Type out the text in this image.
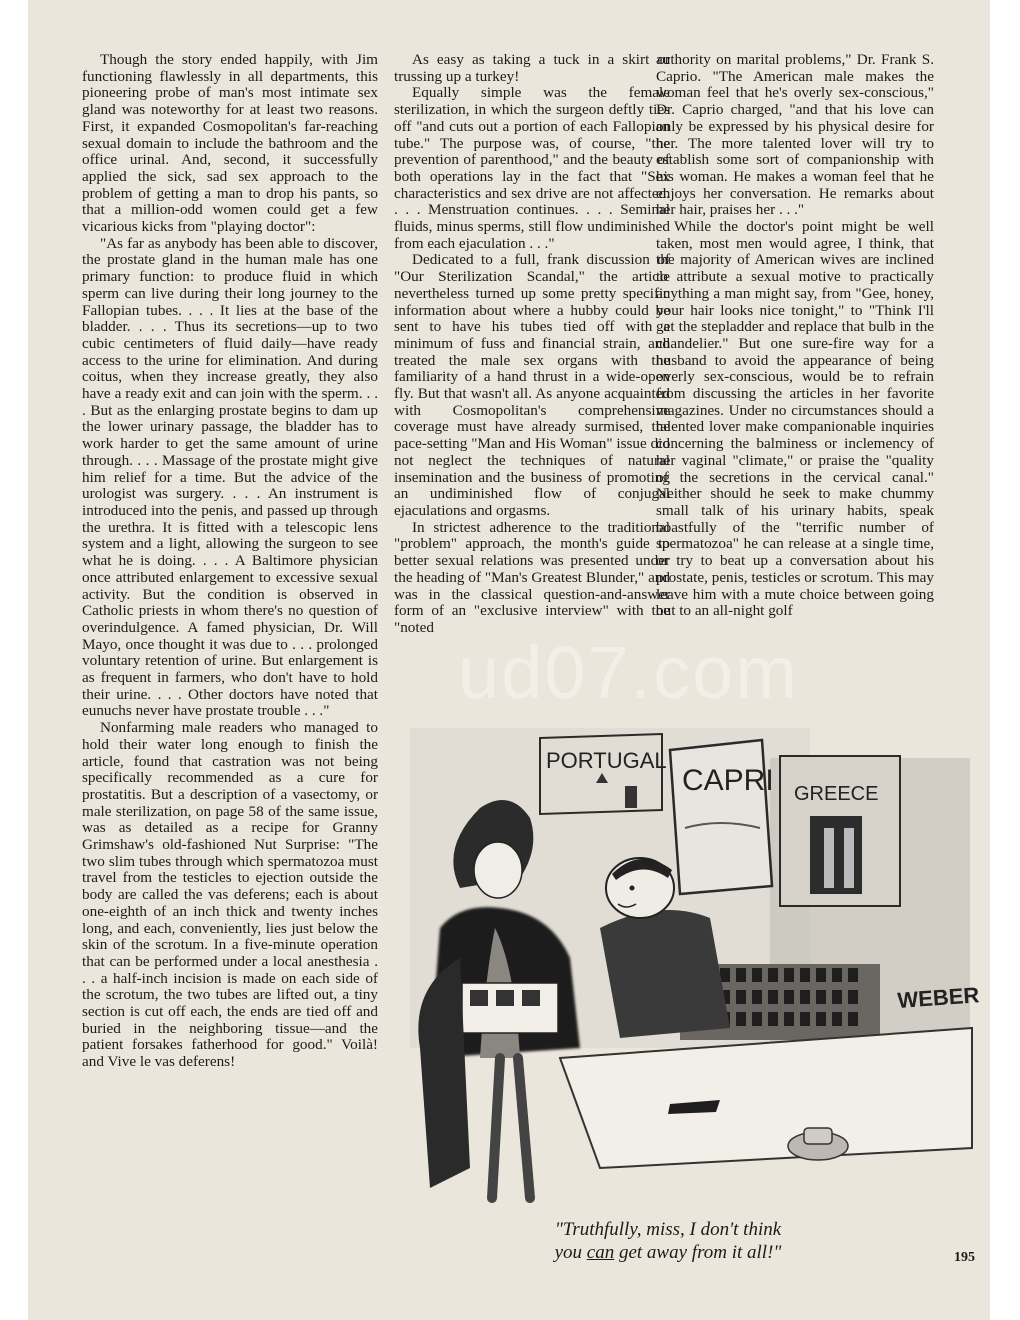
Though the story ended happily, with Jim functioning flawlessly in all departments, this pioneering probe of man's most intimate sex gland was noteworthy for at least two reasons. First, it expanded Cosmopolitan's far-reaching sexual domain to include the bathroom and the office urinal. And, second, it successfully applied the sick, sad sex approach to the problem of getting a man to drop his pants, so that a million-odd women could get a few vicarious kicks from "playing doctor":

"As far as anybody has been able to discover, the prostate gland in the human male has one primary function: to produce fluid in which sperm can live during their long journey to the Fallopian tubes. . . . It lies at the base of the bladder. . . . Thus its secretions—up to two cubic centimeters of fluid daily—have ready access to the urine for elimination. And during coitus, when they increase greatly, they also have a ready exit and can join with the sperm. . . . But as the enlarging prostate begins to dam up the lower urinary passage, the bladder has to work harder to get the same amount of urine through. . . . Massage of the prostate might give him relief for a time. But the advice of the urologist was surgery. . . . An instrument is introduced into the penis, and passed up through the urethra. It is fitted with a telescopic lens system and a light, allowing the surgeon to see what he is doing. . . . A Baltimore physician once attributed enlargement to excessive sexual activity. But the condition is observed in Catholic priests in whom there's no question of overindulgence. A famed physician, Dr. Will Mayo, once thought it was due to . . . prolonged voluntary retention of urine. But enlargement is as frequent in farmers, who don't have to hold their urine. . . . Other doctors have noted that eunuchs never have prostate trouble . . ."

Nonfarming male readers who managed to hold their water long enough to finish the article, found that castration was not being specifically recommended as a cure for prostatitis. But a description of a vasectomy, or male sterilization, on page 58 of the same issue, was as detailed as a recipe for Granny Grimshaw's old-fashioned Nut Surprise: "The two slim tubes through which spermatozoa must travel from the testicles to ejection outside the body are called the vas deferens; each is about one-eighth of an inch thick and twenty inches long, and each, conveniently, lies just below the skin of the scrotum. In a five-minute operation that can be performed under a local anesthesia . . . a half-inch incision is made on each side of the scrotum, the two tubes are lifted out, a tiny section is cut off each, the ends are tied off and buried in the neighboring tissue—and the patient forsakes fatherhood for good." Voilà! and Vive le vas deferens!

As easy as taking a tuck in a skirt or trussing up a turkey!

Equally simple was the female sterilization, in which the surgeon deftly ties off "and cuts out a portion of each Fallopian tube." The purpose was, of course, "the prevention of parenthood," and the beauty of both operations lay in the fact that "Sex characteristics and sex drive are not affected. . . . Menstruation continues. . . . Seminal fluids, minus sperms, still flow undiminished from each ejaculation . . ."

Dedicated to a full, frank discussion of "Our Sterilization Scandal," the article nevertheless turned up some pretty specific information about where a hubby could be sent to have his tubes tied off with a minimum of fuss and financial strain, and treated the male sex organs with the familiarity of a hand thrust in a wide-open fly. But that wasn't all. As anyone acquainted with Cosmopolitan's comprehensive coverage must have already surmised, the pace-setting "Man and His Woman" issue did not neglect the techniques of natural insemination and the business of promoting an undiminished flow of conjugal ejaculations and orgasms.

In strictest adherence to the traditional "problem" approach, the month's guide to better sexual relations was presented under the heading of "Man's Greatest Blunder," and was in the classical question-and-answer form of an "exclusive interview" with the "noted

authority on marital problems," Dr. Frank S. Caprio. "The American male makes the woman feel that he's overly sex-conscious," Dr. Caprio charged, "and that his love can only be expressed by his physical desire for her. The more talented lover will try to establish some sort of companionship with his woman. He makes a woman feel that he enjoys her conversation. He remarks about her hair, praises her . . ."

While the doctor's point might be well taken, most men would agree, I think, that the majority of American wives are inclined to attribute a sexual motive to practically anything a man might say, from "Gee, honey, your hair looks nice tonight," to "Think I'll get the stepladder and replace that bulb in the chandelier." But one sure-fire way for a husband to avoid the appearance of being overly sex-conscious, would be to refrain from discussing the articles in her favorite magazines. Under no circumstances should a talented lover make companionable inquiries concerning the balminess or inclemency of her vaginal "climate," or praise the "quality of the secretions in the cervical canal." Neither should he seek to make chummy small talk of his urinary habits, speak boastfully of the "terrific number of spermatozoa" he can release at a single time, or try to beat up a conversation about his prostate, penis, testicles or scrotum. This may leave him with a mute choice between going out to an all-night golf

ud07.com
PORTUGAL
CAPRI GREECE
WEBER
"Truthfully, miss, I don't think
you can get away from it all!"	195
